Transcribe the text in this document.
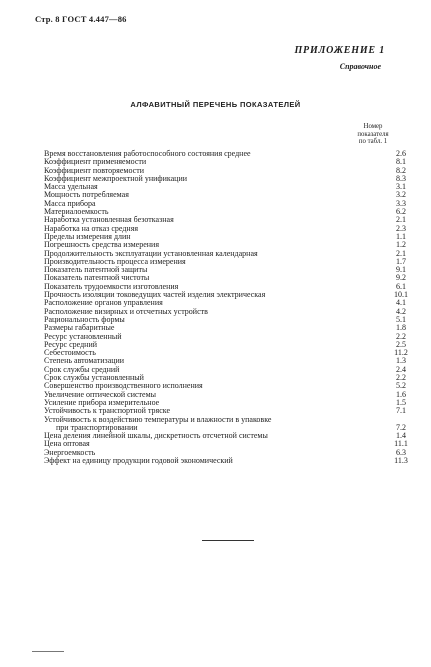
Стр. 8 ГОСТ 4.447—86
ПРИЛОЖЕНИЕ 1
Справочное
АЛФАВИТНЫЙ ПЕРЕЧЕНЬ ПОКАЗАТЕЛЕЙ
Номер
показателя
по табл. 1
Время восстановления работоспособного состояния среднее	2.6
Коэффициент применяемости	8.1
Коэффициент повторяемости	8.2
Коэффициент межпроектной унификации	8.3
Масса удельная	3.1
Мощность потребляемая	3.2
Масса прибора	3.3
Материалоемкость	6.2
Наработка установленная безотказная	2.1
Наработка на отказ средняя	2.3
Пределы измерения длин	1.1
Погрешность средства измерения	1.2
Продолжительность эксплуатации установленная календарная	2.1
Производительность процесса измерения	1.7
Показатель патентной защиты	9.1
Показатель патентной чистоты	9.2
Показатель трудоемкости изготовления	6.1
Прочность изоляции токоведущих частей изделия электрическая	10.1
Расположение органов управления	4.1
Расположение визирных и отсчетных устройств	4.2
Рациональность формы	5.1
Размеры габаритные	1.8
Ресурс установленный	2.2
Ресурс средний	2.5
Себестоимость	11.2
Степень автоматизации	1.3
Срок службы средний	2.4
Срок службы установленный	2.2
Совершенство производственного исполнения	5.2
Увеличение оптической системы	1.6
Усиление прибора измерительное	1.5
Устойчивость к транспортной тряске	7.1
Устойчивость к воздействию температуры и влажности в упаковке
при транспортировании	7.2
Цена деления линейной шкалы, дискретность отсчетной системы	1.4
Цена оптовая	11.1
Энергоемкость	6.3
Эффект на единицу продукции годовой экономический	11.3
